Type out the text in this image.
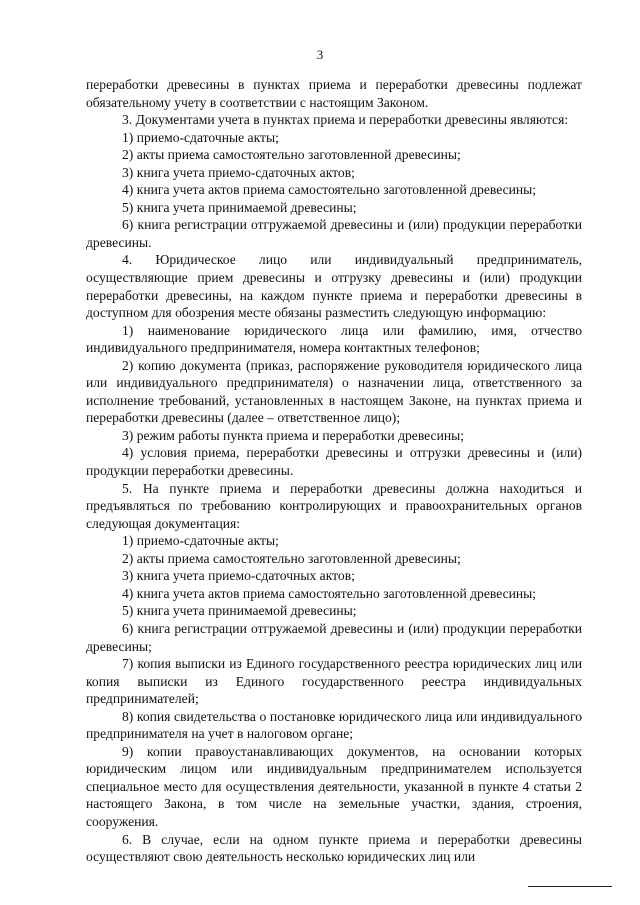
3

переработки древесины в пунктах приема и переработки древесины подлежат обязательному учету в соответствии с настоящим Законом.

3. Документами учета в пунктах приема и переработки древесины являются:

1) приемо-сдаточные акты;

2) акты приема самостоятельно заготовленной древесины;

3) книга учета приемо-сдаточных актов;

4) книга учета актов приема самостоятельно заготовленной древесины;

5) книга учета принимаемой древесины;

6) книга регистрации отгружаемой древесины и (или) продукции переработки древесины.

4. Юридическое лицо или индивидуальный предприниматель, осуществляющие прием древесины и отгрузку древесины и (или) продукции переработки древесины, на каждом пункте приема и переработки древесины в доступном для обозрения месте обязаны разместить следующую информацию:

1) наименование юридического лица или фамилию, имя, отчество индивидуального предпринимателя, номера контактных телефонов;

2) копию документа (приказ, распоряжение руководителя юридического лица или индивидуального предпринимателя) о назначении лица, ответственного за исполнение требований, установленных в настоящем Законе, на пунктах приема и переработки древесины (далее – ответственное лицо);

3) режим работы пункта приема и переработки древесины;

4) условия приема, переработки древесины и отгрузки древесины и (или) продукции переработки древесины.

5. На пункте приема и переработки древесины должна находиться и предъявляться по требованию контролирующих и правоохранительных органов следующая документация:

1) приемо-сдаточные акты;

2) акты приема самостоятельно заготовленной древесины;

3) книга учета приемо-сдаточных актов;

4) книга учета актов приема самостоятельно заготовленной древесины;

5) книга учета принимаемой древесины;

6) книга регистрации отгружаемой древесины и (или) продукции переработки древесины;

7) копия выписки из Единого государственного реестра юридических лиц или копия выписки из Единого государственного реестра индивидуальных предпринимателей;

8) копия свидетельства о постановке юридического лица или индивидуального предпринимателя на учет в налоговом органе;

9) копии правоустанавливающих документов, на основании которых юридическим лицом или индивидуальным предпринимателем используется специальное место для осуществления деятельности, указанной в пункте 4 статьи 2 настоящего Закона, в том числе на земельные участки, здания, строения, сооружения.

6. В случае, если на одном пункте приема и переработки древесины осуществляют свою деятельность несколько юридических лиц или
